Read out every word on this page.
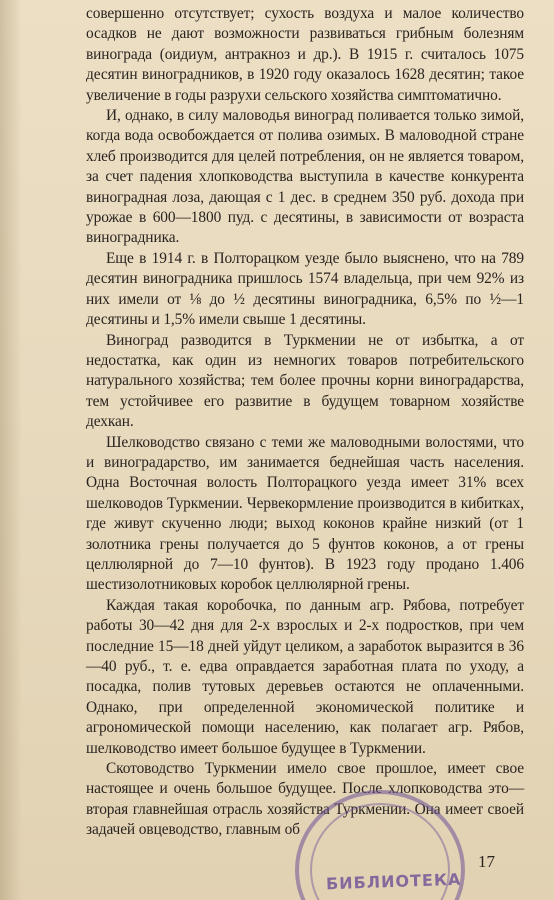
совершенно отсутствует; сухость воздуха и малое количество осадков не дают возможности развиваться грибным болезням винограда (оидиум, антракноз и др.). В 1915 г. считалось 1075 десятин виноградников, в 1920 году оказалось 1628 десятин; такое увеличение в годы разрухи сельского хозяйства симптоматично.

И, однако, в силу маловодья виноград поливается только зимой, когда вода освобождается от полива озимых. В маловодной стране хлеб производится для целей потребления, он не является товаром, за счет падения хлопководства выступила в качестве конкурента виноградная лоза, дающая с 1 дес. в среднем 350 руб. дохода при урожае в 600—1800 пуд. с десятины, в зависимости от возраста виноградника.

Еще в 1914 г. в Полторацком уезде было выяснено, что на 789 десятин виноградника пришлось 1574 владельца, при чем 92% из них имели от ⅛ до ½ десятины виноградника, 6,5% по ½—1 десятины и 1,5% имели свыше 1 десятины.

Виноград разводится в Туркмении не от избытка, а от недостатка, как один из немногих товаров потребительского натурального хозяйства; тем более прочны корни виноградарства, тем устойчивее его развитие в будущем товарном хозяйстве дехкан.

Шелководство связано с теми же маловодными волостями, что и виноградарство, им занимается беднейшая часть населения. Одна Восточная волость Полторацкого уезда имеет 31% всех шелководов Туркмении. Червекормление производится в кибитках, где живут скученно люди; выход коконов крайне низкий (от 1 золотника грены получается до 5 фунтов коконов, а от грены целлюлярной до 7—10 фунтов). В 1923 году продано 1.406 шестизолотниковых коробок целлюлярной грены.

Каждая такая коробочка, по данным агр. Рябова, потребует работы 30—42 дня для 2-х взрослых и 2-х подростков, при чем последние 15—18 дней уйдут целиком, а заработок выразится в 36—40 руб., т. е. едва оправдается заработная плата по уходу, а посадка, полив тутовых деревьев остаются не оплаченными. Однако, при определенной экономической политике и агрономической помощи населению, как полагает агр. Рябов, шелководство имеет большое будущее в Туркмении.

Скотоводство Туркмении имело свое прошлое, имеет свое настоящее и очень большое будущее. После хлопководства это—вторая главнейшая отрасль хозяйства Туркмении. Она имеет своей задачей овцеводство, главным об

БИБЛИОТЕКА
17
